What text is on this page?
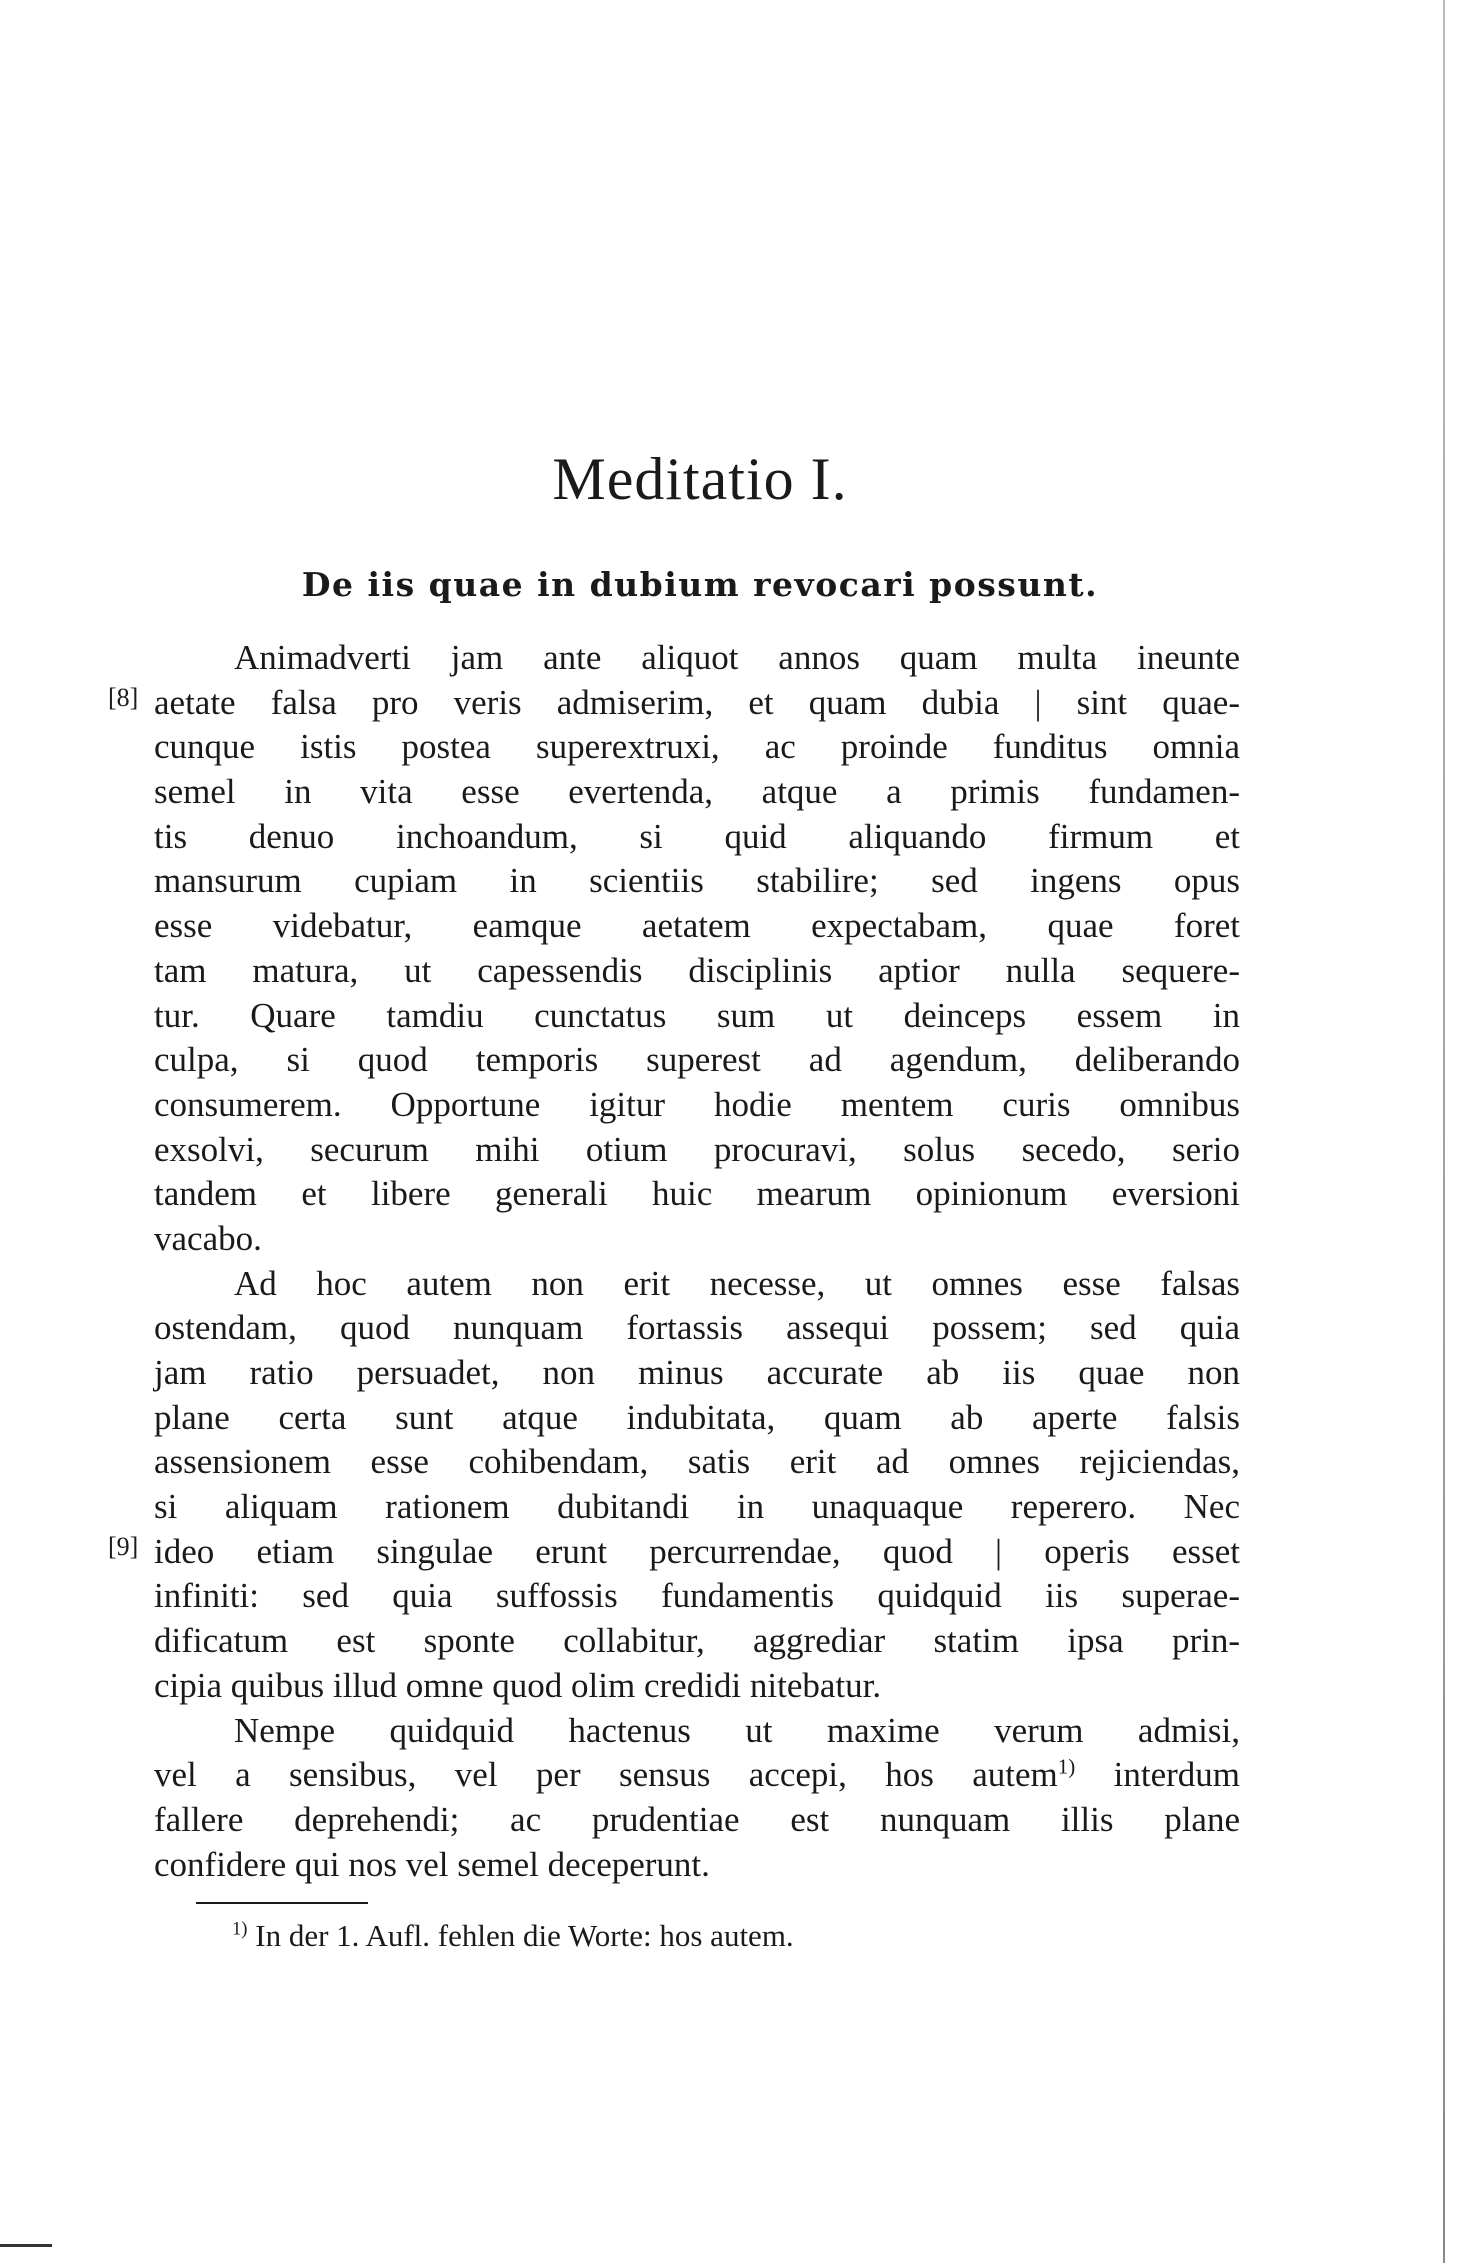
Meditatio I.
De iis quae in dubium revocari possunt.
[8]
[9]
Animadverti jam ante aliquot annos quam multa ineunte
aetate falsa pro veris admiserim, et quam dubia | sint quae-
cunque istis postea superextruxi, ac proinde funditus omnia
semel in vita esse evertenda, atque a primis fundamen-
tis denuo inchoandum, si quid aliquando firmum et
mansurum cupiam in scientiis stabilire; sed ingens opus
esse videbatur, eamque aetatem expectabam, quae foret
tam matura, ut capessendis disciplinis aptior nulla sequere-
tur. Quare tamdiu cunctatus sum ut deinceps essem in
culpa, si quod temporis superest ad agendum, deliberando
consumerem. Opportune igitur hodie mentem curis omnibus
exsolvi, securum mihi otium procuravi, solus secedo, serio
tandem et libere generali huic mearum opinionum eversioni
vacabo.
Ad hoc autem non erit necesse, ut omnes esse falsas
ostendam, quod nunquam fortassis assequi possem; sed quia
jam ratio persuadet, non minus accurate ab iis quae non
plane certa sunt atque indubitata, quam ab aperte falsis
assensionem esse cohibendam, satis erit ad omnes rejiciendas,
si aliquam rationem dubitandi in unaquaque reperero. Nec
ideo etiam singulae erunt percurrendae, quod | operis esset
infiniti: sed quia suffossis fundamentis quidquid iis superae-
dificatum est sponte collabitur, aggrediar statim ipsa prin-
cipia quibus illud omne quod olim credidi nitebatur.
Nempe quidquid hactenus ut maxime verum admisi,
vel a sensibus, vel per sensus accepi, hos autem$^{1)}$ interdum
fallere deprehendi; ac prudentiae est nunquam illis plane
confidere qui nos vel semel deceperunt.
$^{1)}$ In der 1. Aufl. fehlen die Worte: hos autem.
